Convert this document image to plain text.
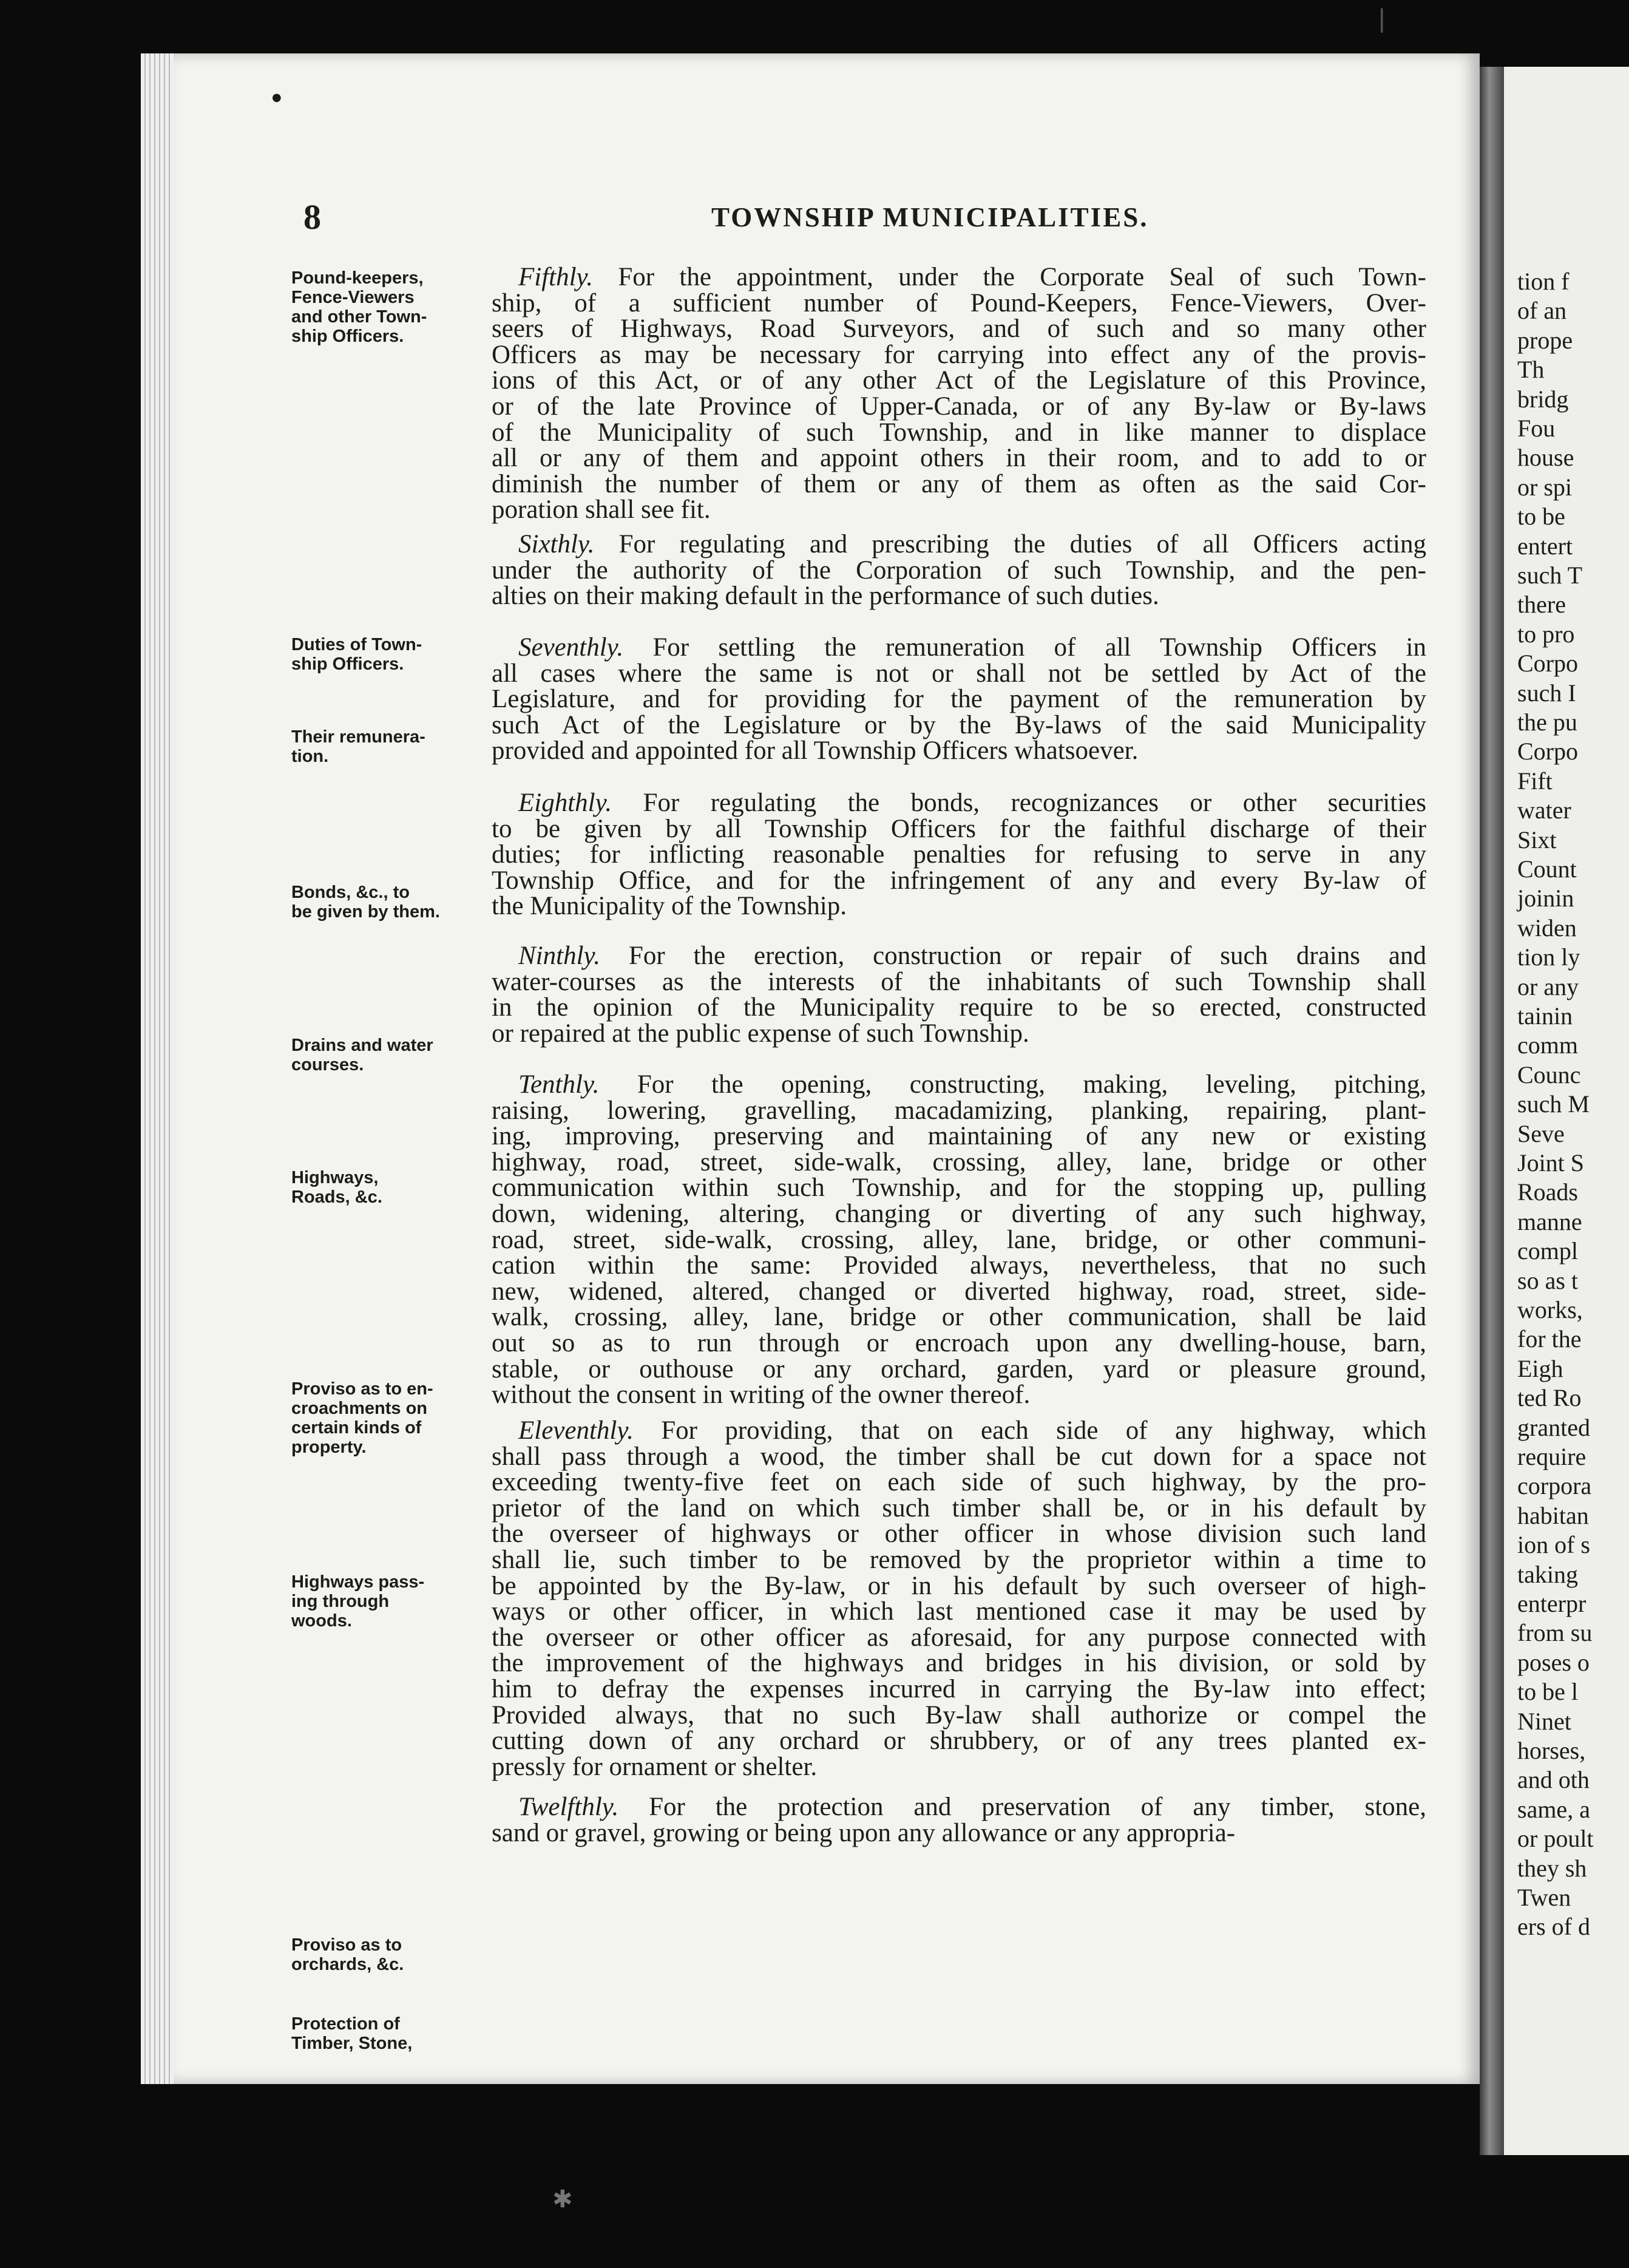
8	TOWNSHIP MUNICIPALITIES.
Pound-keepers,
Fence-Viewers
and other Town-
ship Officers.
Duties of Town-
ship Officers.
Their remunera-
tion.
Bonds, &c., to
be given by them.
Drains and water
courses.
Highways,
Roads, &c.
Proviso as to en-
croachments on
certain kinds of
property.
Highways pass-
ing through
woods.
Proviso as to
orchards, &c.
Protection of
Timber, Stone,
Fifthly. For the appointment, under the Corporate Seal of such Town-
ship, of a sufficient number of Pound-Keepers, Fence-Viewers, Over-
seers of Highways, Road Surveyors, and of such and so many other
Officers as may be necessary for carrying into effect any of the provis-
ions of this Act, or of any other Act of the Legislature of this Province,
or of the late Province of Upper-Canada, or of any By-law or By-laws
of the Municipality of such Township, and in like manner to displace
all or any of them and appoint others in their room, and to add to or
diminish the number of them or any of them as often as the said Cor-
poration shall see fit.
Sixthly. For regulating and prescribing the duties of all Officers acting
under the authority of the Corporation of such Township, and the pen-
alties on their making default in the performance of such duties.
Seventhly. For settling the remuneration of all Township Officers in
all cases where the same is not or shall not be settled by Act of the
Legislature, and for providing for the payment of the remuneration by
such Act of the Legislature or by the By-laws of the said Municipality
provided and appointed for all Township Officers whatsoever.
Eighthly. For regulating the bonds, recognizances or other securities
to be given by all Township Officers for the faithful discharge of their
duties; for inflicting reasonable penalties for refusing to serve in any
Township Office, and for the infringement of any and every By-law of
the Municipality of the Township.
Ninthly. For the erection, construction or repair of such drains and
water-courses as the interests of the inhabitants of such Township shall
in the opinion of the Municipality require to be so erected, constructed
or repaired at the public expense of such Township.
Tenthly. For the opening, constructing, making, leveling, pitching,
raising, lowering, gravelling, macadamizing, planking, repairing, plant-
ing, improving, preserving and maintaining of any new or existing
highway, road, street, side-walk, crossing, alley, lane, bridge or other
communication within such Township, and for the stopping up, pulling
down, widening, altering, changing or diverting of any such highway,
road, street, side-walk, crossing, alley, lane, bridge, or other communi-
cation within the same: Provided always, nevertheless, that no such
new, widened, altered, changed or diverted highway, road, street, side-
walk, crossing, alley, lane, bridge or other communication, shall be laid
out so as to run through or encroach upon any dwelling-house, barn,
stable, or outhouse or any orchard, garden, yard or pleasure ground,
without the consent in writing of the owner thereof.
Eleventhly. For providing, that on each side of any highway, which
shall pass through a wood, the timber shall be cut down for a space not
exceeding twenty-five feet on each side of such highway, by the pro-
prietor of the land on which such timber shall be, or in his default by
the overseer of highways or other officer in whose division such land
shall lie, such timber to be removed by the proprietor within a time to
be appointed by the By-law, or in his default by such overseer of high-
ways or other officer, in which last mentioned case it may be used by
the overseer or other officer as aforesaid, for any purpose connected with
the improvement of the highways and bridges in his division, or sold by
him to defray the expenses incurred in carrying the By-law into effect;
Provided always, that no such By-law shall authorize or compel the
cutting down of any orchard or shrubbery, or of any trees planted ex-
pressly for ornament or shelter.
Twelfthly. For the protection and preservation of any timber, stone,
sand or gravel, growing or being upon any allowance or any appropria-
tion f
of an
prope
Th
bridg
Fou
house
or spi
to be
entert
such T
there
to pro
Corpo
such I
the pu
Corpo
Fift
water
Sixt
Count
joinin
widen
tion ly
or any
tainin
comm
Counc
such M
Seve
Joint S
Roads
manne
compl
so as t
works,
for the
Eigh
ted Ro
granted
require
corpora
habitan
ion of s
taking
enterpr
from su
poses o
to be l
Ninet
horses,
and oth
same, a
or poult
they sh
Twen
ers of d
●
|
✱
